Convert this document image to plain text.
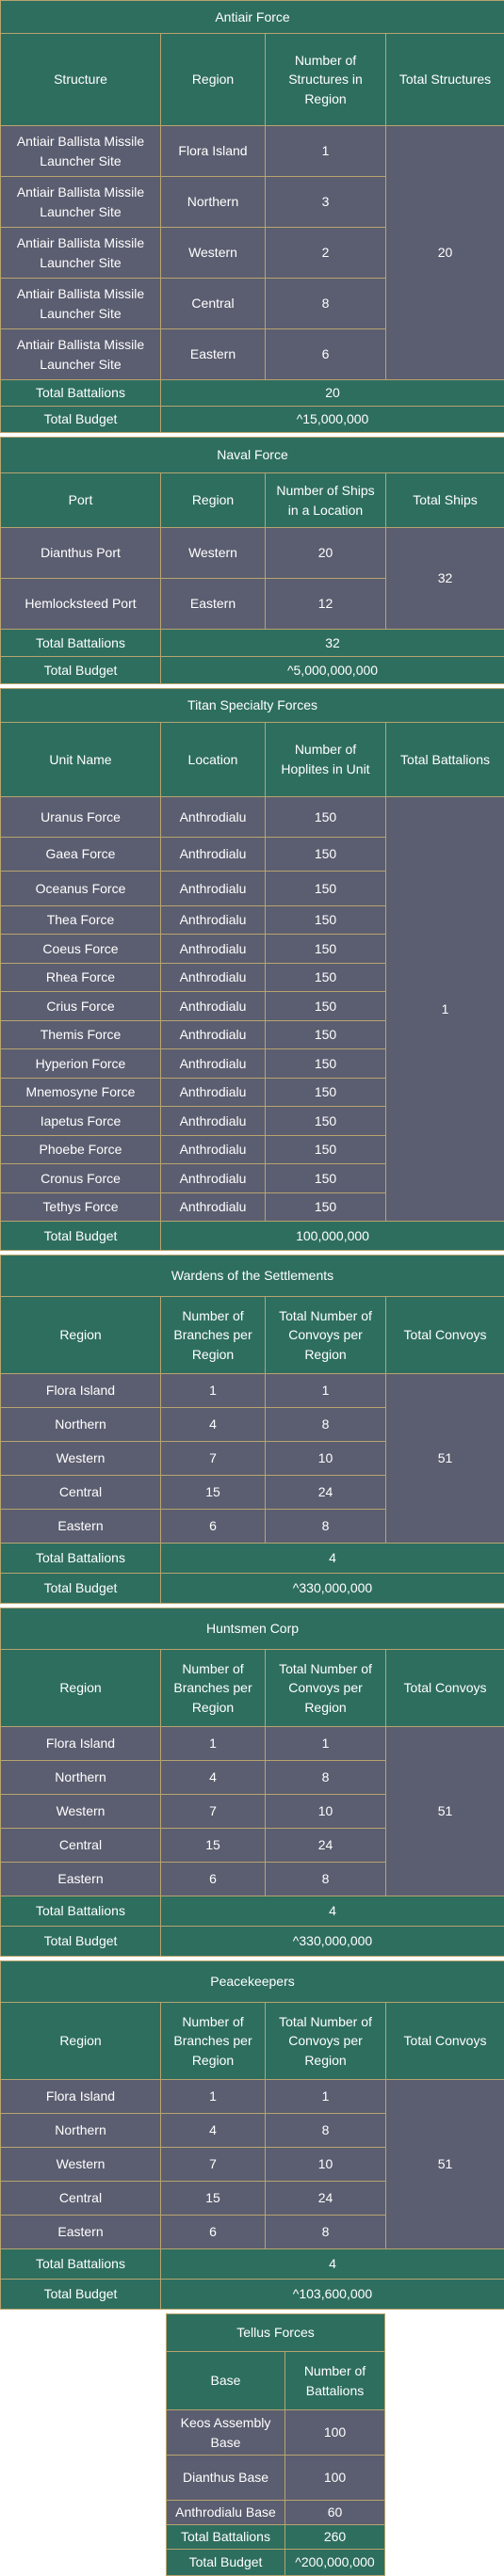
Antiair Force			
Structure	Region	Number of Structures in Region	Total Structures
Antiair Ballista Missile Launcher Site	Flora Island	1	20
Antiair Ballista Missile Launcher Site	Northern	3	
Antiair Ballista Missile Launcher Site	Western	2	
Antiair Ballista Missile Launcher Site	Central	8	
Antiair Ballista Missile Launcher Site	Eastern	6	
Total Battalions	20		
Total Budget	^15,000,000		
Naval Force			
Port	Region	Number of Ships in a Location	Total Ships
Dianthus Port	Western	20	32
Hemlocksteed Port	Eastern	12	
Total Battalions	32		
Total Budget	^5,000,000,000		
Titan Specialty Forces			
Unit Name	Location	Number of Hoplites in Unit	Total Battalions
Uranus Force	Anthrodialu	150	1
Gaea Force	Anthrodialu	150	
Oceanus Force	Anthrodialu	150	
Thea Force	Anthrodialu	150	
Coeus Force	Anthrodialu	150	
Rhea Force	Anthrodialu	150	
Crius Force	Anthrodialu	150	
Themis Force	Anthrodialu	150	
Hyperion Force	Anthrodialu	150	
Mnemosyne Force	Anthrodialu	150	
Iapetus Force	Anthrodialu	150	
Phoebe Force	Anthrodialu	150	
Cronus Force	Anthrodialu	150	
Tethys Force	Anthrodialu	150	
Total Budget	100,000,000		
Wardens of the Settlements			
Region	Number of Branches per Region	Total Number of Convoys per Region	Total Convoys
Flora Island	1	1	51
Northern	4	8	
Western	7	10	
Central	15	24	
Eastern	6	8	
Total Battalions	4		
Total Budget	^330,000,000		
Huntsmen Corp			
Region	Number of Branches per Region	Total Number of Convoys per Region	Total Convoys
Flora Island	1	1	51
Northern	4	8	
Western	7	10	
Central	15	24	
Eastern	6	8	
Total Battalions	4		
Total Budget	^330,000,000		
Peacekeepers			
Region	Number of Branches per Region	Total Number of Convoys per Region	Total Convoys
Flora Island	1	1	51
Northern	4	8	
Western	7	10	
Central	15	24	
Eastern	6	8	
Total Battalions	4		
Total Budget	^103,600,000		
Tellus Forces	
Base	Number of Battalions
Keos Assembly Base	100
Dianthus Base	100
Anthrodialu Base	60
Total Battalions	260
Total Budget	^200,000,000
